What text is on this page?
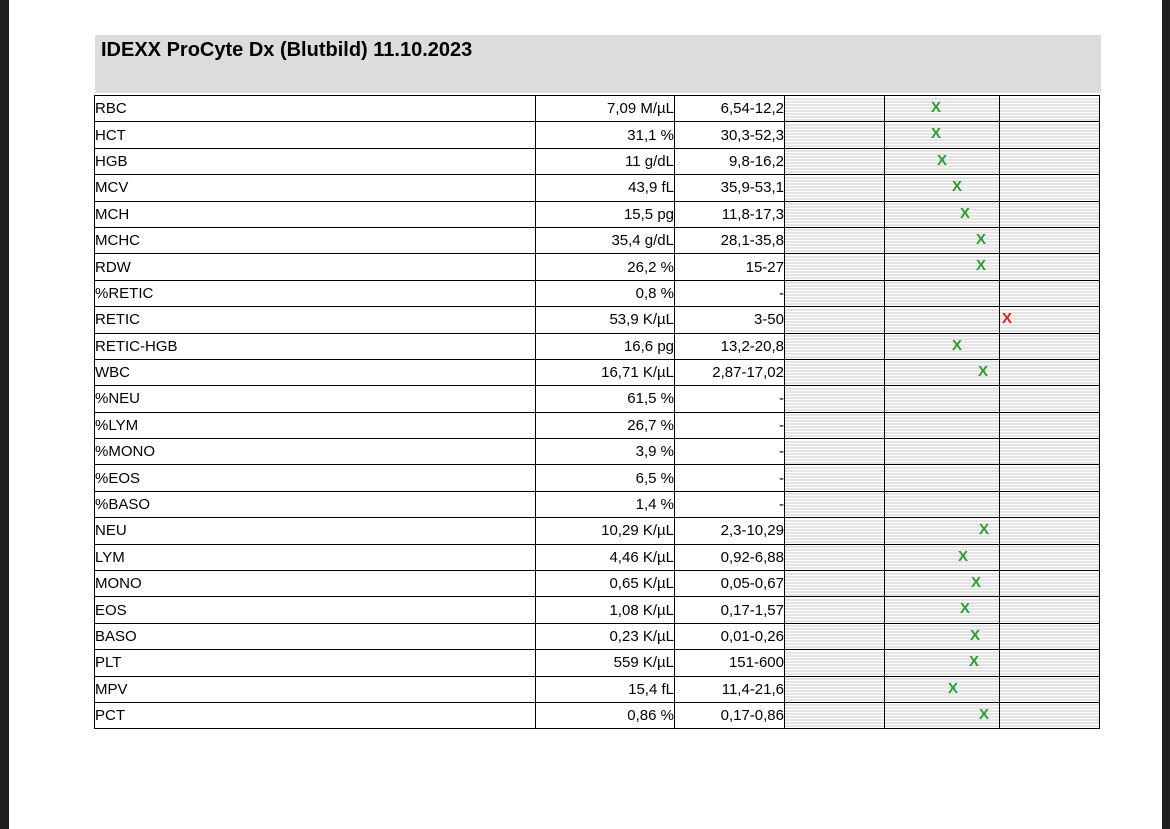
IDEXX ProCyte Dx (Blutbild) 11.10.2023
RBC	7,09 M/µL	6,54-12,2		X	

HCT	31,1 %	30,3-52,3		X	

HGB	11 g/dL	9,8-16,2		X	

MCV	43,9 fL	35,9-53,1		X	

MCH	15,5 pg	11,8-17,3		X	

MCHC	35,4 g/dL	28,1-35,8		X	

RDW	26,2 %	15-27		X	

%RETIC	0,8 %	-			
RETIC	53,9 K/µL	3-50			X

RETIC-HGB	16,6 pg	13,2-20,8		X	

WBC	16,71 K/µL	2,87-17,02		X	

%NEU	61,5 %	-			
%LYM	26,7 %	-			
%MONO	3,9 %	-			
%EOS	6,5 %	-			
%BASO	1,4 %	-			
NEU	10,29 K/µL	2,3-10,29		X	

LYM	4,46 K/µL	0,92-6,88		X	

MONO	0,65 K/µL	0,05-0,67		X	

EOS	1,08 K/µL	0,17-1,57		X	

BASO	0,23 K/µL	0,01-0,26		X	

PLT	559 K/µL	151-600		X	

MPV	15,4 fL	11,4-21,6		X	

PCT	0,86 %	0,17-0,86		X	
